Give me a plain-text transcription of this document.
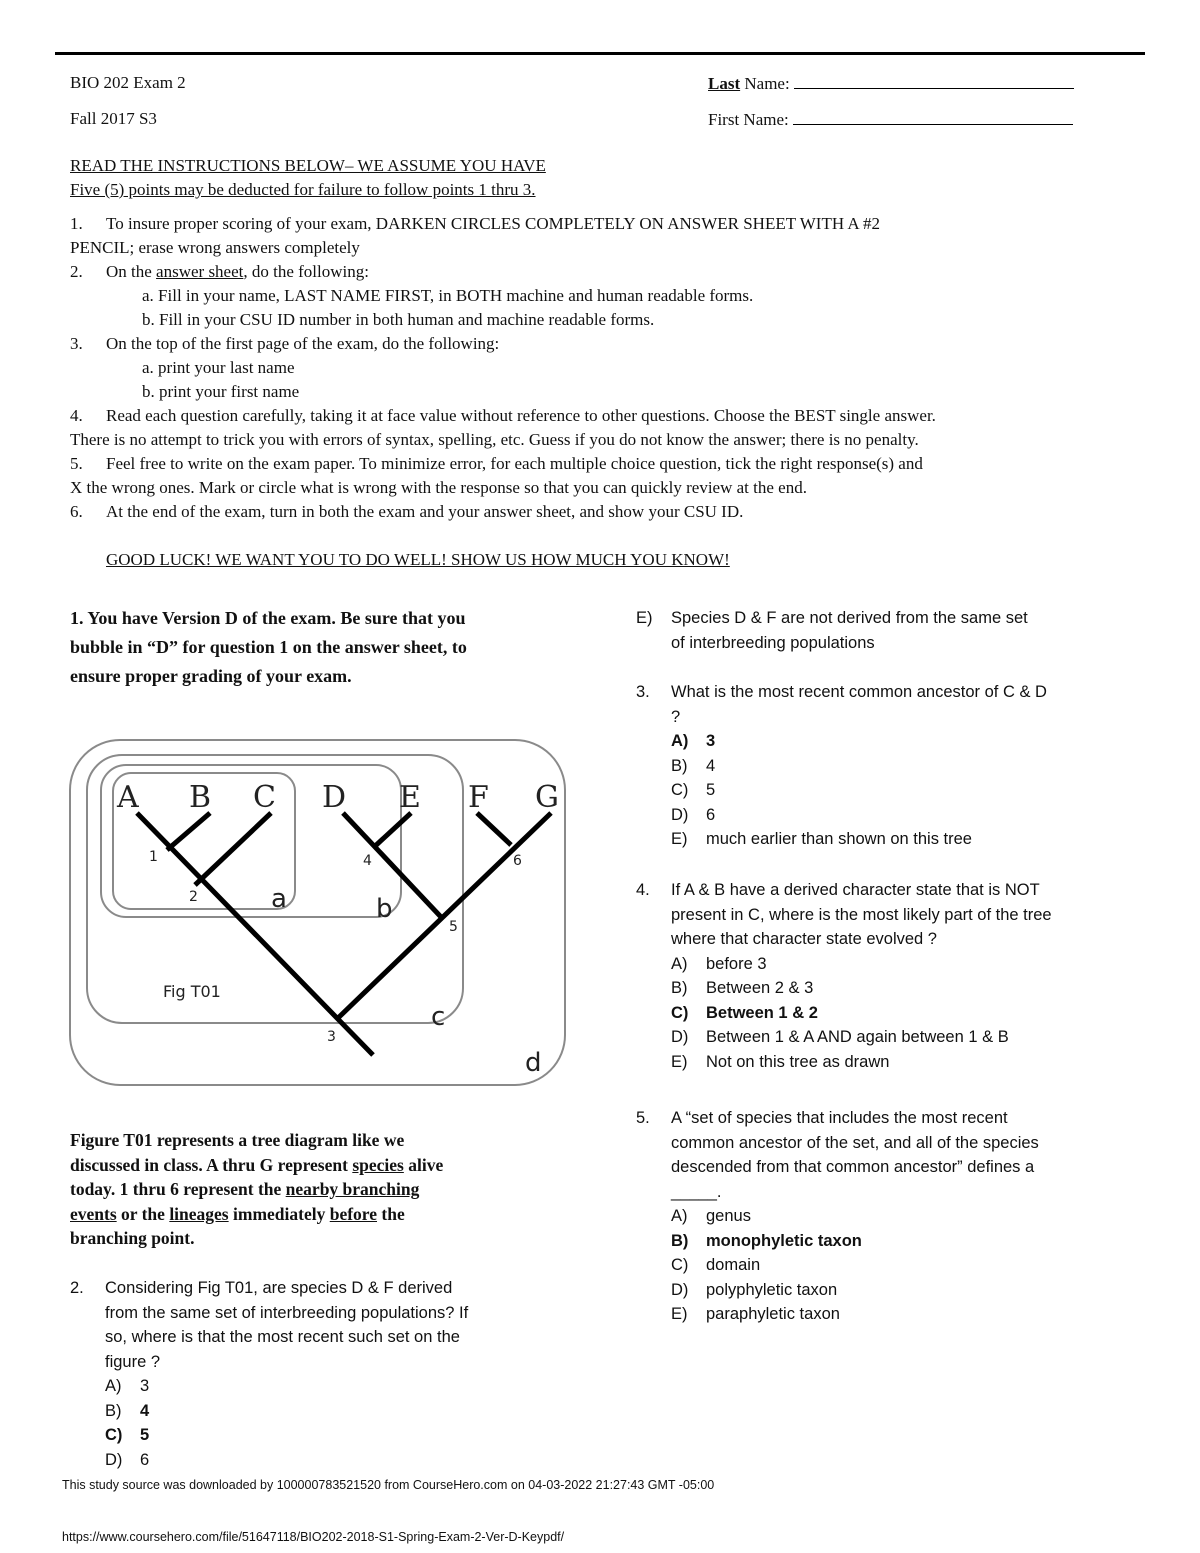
BIO 202 Exam 2
Fall 2017 S3
Last Name:
First Name:
READ THE INSTRUCTIONS BELOW– WE ASSUME YOU HAVE
Five (5) points may be deducted for failure to follow points 1 thru 3.
1. To insure proper scoring of your exam, DARKEN CIRCLES COMPLETELY ON ANSWER SHEET WITH A #2
PENCIL; erase wrong answers completely
2. On the answer sheet, do the following:
a. Fill in your name, LAST NAME FIRST, in BOTH machine and human readable forms.
b. Fill in your CSU ID number in both human and machine readable forms.
3. On the top of the first page of the exam, do the following:
a. print your last name
b. print your first name
4. Read each question carefully, taking it at face value without reference to other questions. Choose the BEST single answer.
There is no attempt to trick you with errors of syntax, spelling, etc. Guess if you do not know the answer; there is no penalty.
5. Feel free to write on the exam paper. To minimize error, for each multiple choice question, tick the right response(s) and
X the wrong ones. Mark or circle what is wrong with the response so that you can quickly review at the end.
6. At the end of the exam, turn in both the exam and your answer sheet, and show your CSU ID.
GOOD LUCK! WE WANT YOU TO DO WELL! SHOW US HOW MUCH YOU KNOW!
1. You have Version D of the exam. Be sure that you
bubble in “D” for question 1 on the answer sheet, to
ensure proper grading of your exam.
A B C D E F G
1
2
3
4
5
6
a	b
c
d
Fig T01
Figure T01 represents a tree diagram like we
discussed in class. A thru G represent species alive
today. 1 thru 6 represent the nearby branching
events or the lineages immediately before the
branching point.
2.	Considering Fig T01, are species D & F derived
from the same set of interbreeding populations? If
so, where is that the most recent such set on the
figure ?
A)	3
B)	4
C)	5
D)	6
E)	Species D & F are not derived from the same set
of interbreeding populations
3.	What is the most recent common ancestor of C & D
?
A)	3
B)	4
C)	5
D)	6
E)	much earlier than shown on this tree
4.	If A & B have a derived character state that is NOT
present in C, where is the most likely part of the tree
where that character state evolved ?
A)	before 3
B)	Between 2 & 3
C)	Between 1 & 2
D)	Between 1 & A AND again between 1 & B
E)	Not on this tree as drawn
5.	A “set of species that includes the most recent
common ancestor of the set, and all of the species
descended from that common ancestor” defines a
_____.
A)	genus
B)	monophyletic taxon
C)	domain
D)	polyphyletic taxon
E)	paraphyletic taxon
This study source was downloaded by 100000783521520 from CourseHero.com on 04-03-2022 21:27:43 GMT -05:00
https://www.coursehero.com/file/51647118/BIO202-2018-S1-Spring-Exam-2-Ver-D-Keypdf/
